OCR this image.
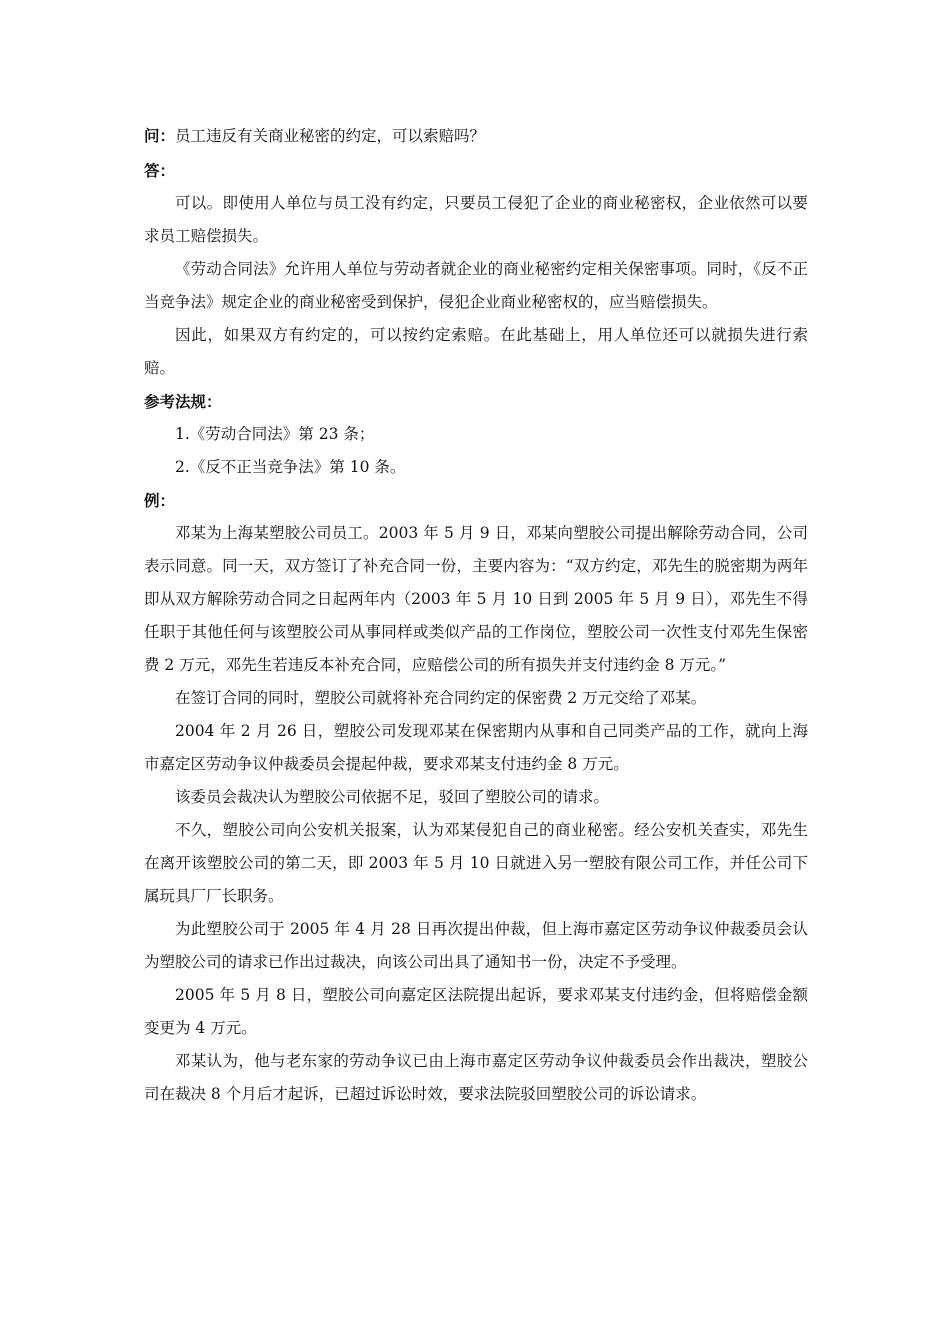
问：员工违反有关商业秘密的约定，可以索赔吗？

答：

可以。即使用人单位与员工没有约定，只要员工侵犯了企业的商业秘密权，企业依然可以要求员工赔偿损失。

《劳动合同法》允许用人单位与劳动者就企业的商业秘密约定相关保密事项。同时，《反不正当竞争法》规定企业的商业秘密受到保护，侵犯企业商业秘密权的，应当赔偿损失。

因此，如果双方有约定的，可以按约定索赔。在此基础上，用人单位还可以就损失进行索赔。

参考法规：

1.《劳动合同法》第 23 条；

2.《反不正当竞争法》第 10 条。

例：

邓某为上海某塑胶公司员工。2003 年 5 月 9 日，邓某向塑胶公司提出解除劳动合同，公司表示同意。同一天，双方签订了补充合同一份，主要内容为：“双方约定，邓先生的脱密期为两年即从双方解除劳动合同之日起两年内（2003 年 5 月 10 日到 2005 年 5 月 9 日），邓先生不得任职于其他任何与该塑胶公司从事同样或类似产品的工作岗位，塑胶公司一次性支付邓先生保密费 2 万元，邓先生若违反本补充合同，应赔偿公司的所有损失并支付违约金 8 万元。”

在签订合同的同时，塑胶公司就将补充合同约定的保密费 2 万元交给了邓某。

2004 年 2 月 26 日，塑胶公司发现邓某在保密期内从事和自己同类产品的工作，就向上海市嘉定区劳动争议仲裁委员会提起仲裁，要求邓某支付违约金 8 万元。

该委员会裁决认为塑胶公司依据不足，驳回了塑胶公司的请求。

不久，塑胶公司向公安机关报案，认为邓某侵犯自己的商业秘密。经公安机关查实，邓先生在离开该塑胶公司的第二天，即 2003 年 5 月 10 日就进入另一塑胶有限公司工作，并任公司下属玩具厂厂长职务。

为此塑胶公司于 2005 年 4 月 28 日再次提出仲裁，但上海市嘉定区劳动争议仲裁委员会认为塑胶公司的请求已作出过裁决，向该公司出具了通知书一份，决定不予受理。

2005 年 5 月 8 日，塑胶公司向嘉定区法院提出起诉，要求邓某支付违约金，但将赔偿金额变更为 4 万元。

邓某认为，他与老东家的劳动争议已由上海市嘉定区劳动争议仲裁委员会作出裁决，塑胶公司在裁决 8 个月后才起诉，已超过诉讼时效，要求法院驳回塑胶公司的诉讼请求。
